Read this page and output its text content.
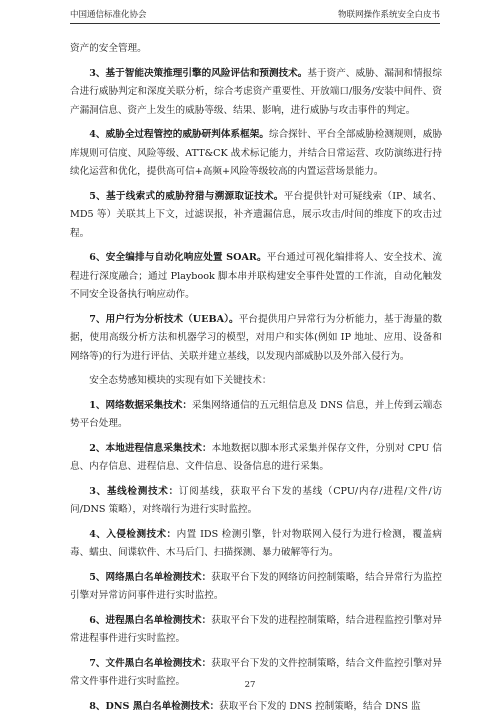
中国通信标准化协会	物联网操作系统安全白皮书

资产的安全管理。

3、基于智能决策推理引擎的风险评估和预测技术。基于资产、威胁、漏洞和情报综合进行威胁判定和深度关联分析，综合考虑资产重要性、开放端口/服务/安装中间件、资产漏洞信息、资产上发生的威胁等级、结果、影响，进行威胁与攻击事件的判定。

4、威胁全过程管控的威胁研判体系框架。综合探针、平台全部威胁检测规则，威胁库规则可信度、风险等级、ATT&CK 战术标记能力，并结合日常运营、攻防演练进行持续化运营和优化，提供高可信+高频+风险等级较高的内置运营场景能力。

5、基于线索式的威胁狩猎与溯源取证技术。平台提供针对可疑线索（IP、域名、MD5 等）关联其上下文，过滤误报，补齐遗漏信息，展示攻击/时间的维度下的攻击过程。

6、安全编排与自动化响应处置 SOAR。平台通过可视化编排将人、安全技术、流程进行深度融合；通过 Playbook 脚本串并联构建安全事件处置的工作流，自动化触发不同安全设备执行响应动作。

7、用户行为分析技术（UEBA）。平台提供用户异常行为分析能力，基于海量的数据，使用高级分析方法和机器学习的模型，对用户和实体(例如 IP 地址、应用、设备和网络等)的行为进行评估、关联并建立基线，以发现内部威胁以及外部入侵行为。

安全态势感知模块的实现有如下关键技术：

1、网络数据采集技术：采集网络通信的五元组信息及 DNS 信息，并上传到云端态势平台处理。

2、本地进程信息采集技术：本地数据以脚本形式采集并保存文件，分别对 CPU 信息、内存信息、进程信息、文件信息、设备信息的进行采集。

3、基线检测技术：订阅基线，获取平台下发的基线（CPU/内存/进程/文件/访问/DNS 策略），对终端行为进行实时监控。

4、入侵检测技术：内置 IDS 检测引擎，针对物联网入侵行为进行检测，覆盖病毒、蠕虫、间谍软件、木马后门、扫描探测、暴力破解等行为。

5、网络黑白名单检测技术：获取平台下发的网络访问控制策略，结合异常行为监控引擎对异常访问事件进行实时监控。

6、进程黑白名单检测技术：获取平台下发的进程控制策略，结合进程监控引擎对异常进程事件进行实时监控。

7、文件黑白名单检测技术：获取平台下发的文件控制策略，结合文件监控引擎对异常文件事件进行实时监控。

8、DNS 黑白名单检测技术：获取平台下发的 DNS 控制策略，结合 DNS 监

27
